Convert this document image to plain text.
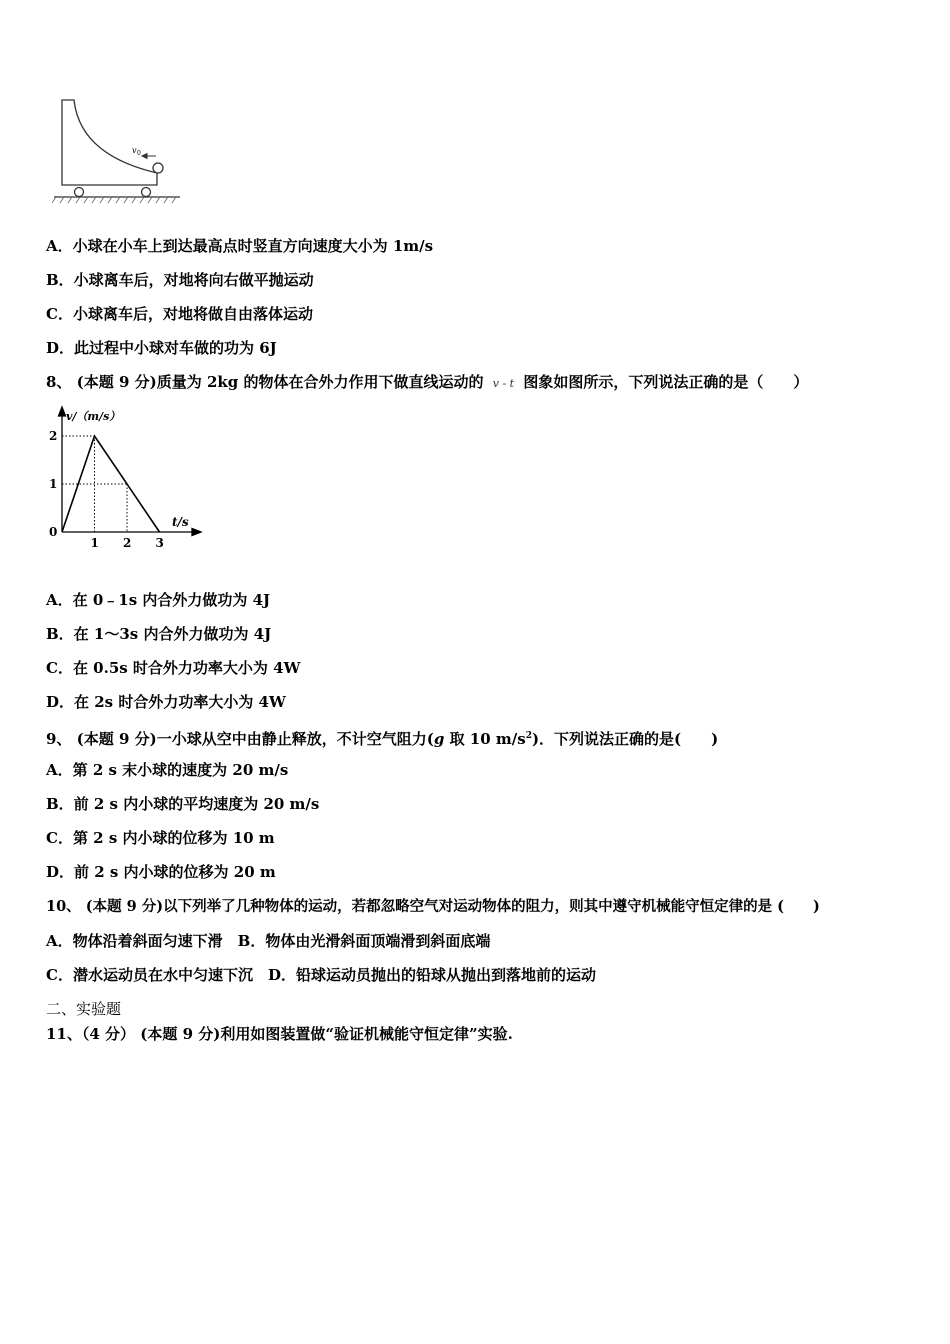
v 0
A．小球在小车上到达最高点时竖直方向速度大小为 1m/s
B．小球离车后，对地将向右做平抛运动
C．小球离车后，对地将做自由落体运动
D．此过程中小球对车做的功为 6J
8、 (本题 9 分)质量为 2kg 的物体在合外力作用下做直线运动的 v - t 图象如图所示，下列说法正确的是（　　）
1 2 3
0
1
2
v/（m/s）
t/s
A．在 0﹣1s 内合外力做功为 4J
B．在 1～3s 内合外力做功为 4J
C．在 0.5s 时合外力功率大小为 4W
D．在 2s 时合外力功率大小为 4W
9、 (本题 9 分)一小球从空中由静止释放，不计空气阻力(g 取 10 $m/s^2$)．下列说法正确的是(　　)
A．第 2 s 末小球的速度为 20 m/s
B．前 2 s 内小球的平均速度为 20 m/s
C．第 2 s 内小球的位移为 10 m
D．前 2 s 内小球的位移为 20 m
10、 (本题 9 分)以下列举了几种物体的运动，若都忽略空气对运动物体的阻力，则其中遵守机械能守恒定律的是 (　　)
A．物体沿着斜面匀速下滑　B．物体由光滑斜面顶端滑到斜面底端
C．潜水运动员在水中匀速下沉　D．铅球运动员抛出的铅球从抛出到落地前的运动
二、实验题
11、（4 分） (本题 9 分)利用如图装置做“验证机械能守恒定律”实验.
